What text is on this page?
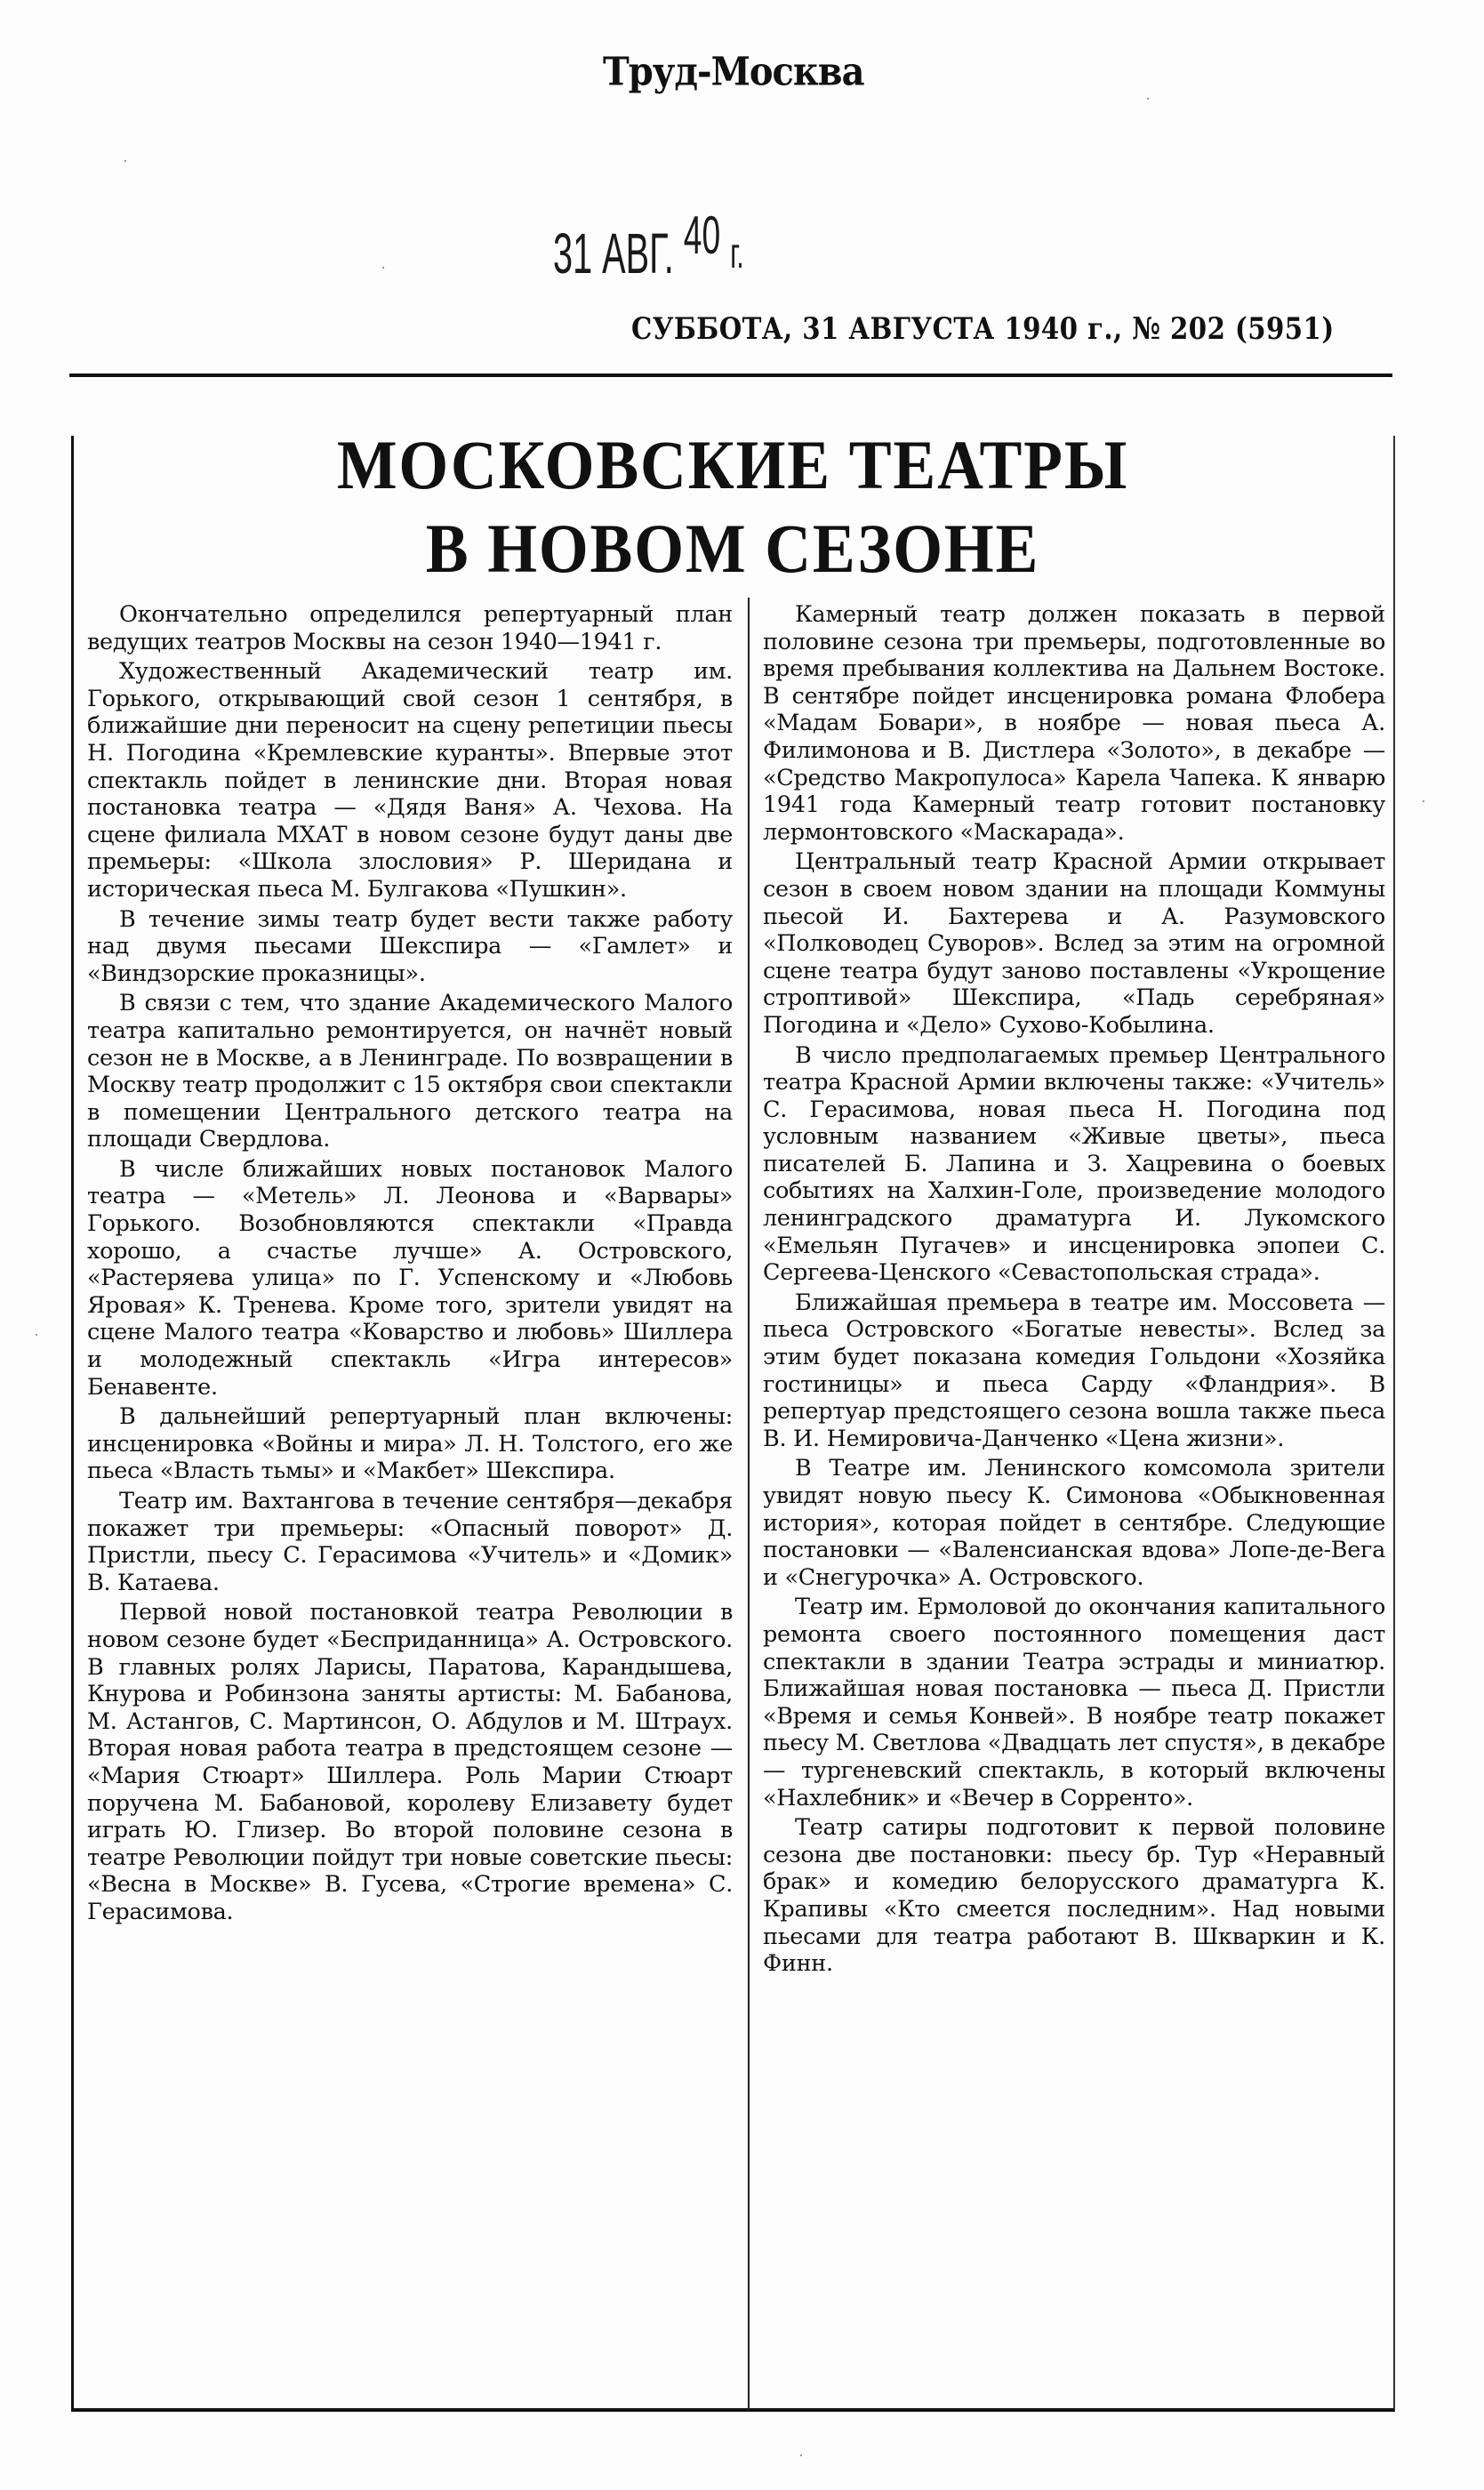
Труд-Москва
31 АВГ. 40 г.
СУББОТА, 31 АВГУСТА 1940 г., № 202 (5951)
МОСКОВСКИЕ ТЕАТРЫ
В НОВОМ СЕЗОНЕ

Окончательно определился репертуарный план ведущих театров Москвы на сезон 1940—1941 г.

Художественный Академический театр им. Горького, открывающий свой сезон 1 сентября, в ближайшие дни переносит на сцену репетиции пьесы Н. Погодина «Кремлевские куранты». Впервые этот спектакль пойдет в ленинские дни. Вторая новая постановка театра — «Дядя Ваня» А. Чехова. На сцене филиала МХАТ в новом сезоне будут даны две премьеры: «Школа злословия» Р. Шеридана и историческая пьеса М. Булгакова «Пушкин».

В течение зимы театр будет вести также работу над двумя пьесами Шекспира — «Гамлет» и «Виндзорские проказницы».

В связи с тем, что здание Академического Малого театра капитально ремонтируется, он начнёт новый сезон не в Москве, а в Ленинграде. По возвращении в Москву театр продолжит с 15 октября свои спектакли в помещении Центрального детского театра на площади Свердлова.

В числе ближайших новых постановок Малого театра — «Метель» Л. Леонова и «Варвары» Горького. Возобновляются спектакли «Правда хорошо, а счастье лучше» А. Островского, «Растеряева улица» по Г. Успенскому и «Любовь Яровая» К. Тренева. Кроме того, зрители увидят на сцене Малого театра «Коварство и любовь» Шиллера и молодежный спектакль «Игра интересов» Бенавенте.

В дальнейший репертуарный план включены: инсценировка «Войны и мира» Л. Н. Толстого, его же пьеса «Власть тьмы» и «Макбет» Шекспира.

Театр им. Вахтангова в течение сентября—декабря покажет три премьеры: «Опасный поворот» Д. Пристли, пьесу С. Герасимова «Учитель» и «Домик» В. Катаева.

Первой новой постановкой театра Революции в новом сезоне будет «Бесприданница» А. Островского. В главных ролях Ларисы, Паратова, Карандышева, Кнурова и Робинзона заняты артисты: М. Бабанова, М. Астангов, С. Мартинсон, О. Абдулов и М. Штраух. Вторая новая работа театра в предстоящем сезоне — «Мария Стюарт» Шиллера. Роль Марии Стюарт поручена М. Бабановой, королеву Елизавету будет играть Ю. Глизер. Во второй половине сезона в театре Революции пойдут три новые советские пьесы: «Весна в Москве» В. Гусева, «Строгие времена» С. Герасимова.

Камерный театр должен показать в первой половине сезона три премьеры, подготовленные во время пребывания коллектива на Дальнем Востоке. В сентябре пойдет инсценировка романа Флобера «Мадам Бовари», в ноябре — новая пьеса А. Филимонова и В. Дистлера «Золото», в декабре — «Средство Макропулоса» Карела Чапека. К январю 1941 года Камерный театр готовит постановку лермонтовского «Маскарада».

Центральный театр Красной Армии открывает сезон в своем новом здании на площади Коммуны пьесой И. Бахтерева и А. Разумовского «Полководец Суворов». Вслед за этим на огромной сцене театра будут заново поставлены «Укрощение строптивой» Шекспира, «Падь серебряная» Погодина и «Дело» Сухово-Кобылина.

В число предполагаемых премьер Центрального театра Красной Армии включены также: «Учитель» С. Герасимова, новая пьеса Н. Погодина под условным названием «Живые цветы», пьеса писателей Б. Лапина и З. Хацревина о боевых событиях на Халхин-Голе, произведение молодого ленинградского драматурга И. Лукомского «Емельян Пугачев» и инсценировка эпопеи С. Сергеева-Ценского «Севастопольская страда».

Ближайшая премьера в театре им. Моссовета — пьеса Островского «Богатые невесты». Вслед за этим будет показана комедия Гольдони «Хозяйка гостиницы» и пьеса Сарду «Фландрия». В репертуар предстоящего сезона вошла также пьеса В. И. Немировича-Данченко «Цена жизни».

В Театре им. Ленинского комсомола зрители увидят новую пьесу К. Симонова «Обыкновенная история», которая пойдет в сентябре. Следующие постановки — «Валенсианская вдова» Лопе-де-Вега и «Снегурочка» А. Островского.

Театр им. Ермоловой до окончания капитального ремонта своего постоянного помещения даст спектакли в здании Театра эстрады и миниатюр. Ближайшая новая постановка — пьеса Д. Пристли «Время и семья Конвей». В ноябре театр покажет пьесу М. Светлова «Двадцать лет спустя», в декабре — тургеневский спектакль, в который включены «Нахлебник» и «Вечер в Сорренто».

Театр сатиры подготовит к первой половине сезона две постановки: пьесу бр. Тур «Неравный брак» и комедию белорусского драматурга К. Крапивы «Кто смеется последним». Над новыми пьесами для театра работают В. Шкваркин и К. Финн.
